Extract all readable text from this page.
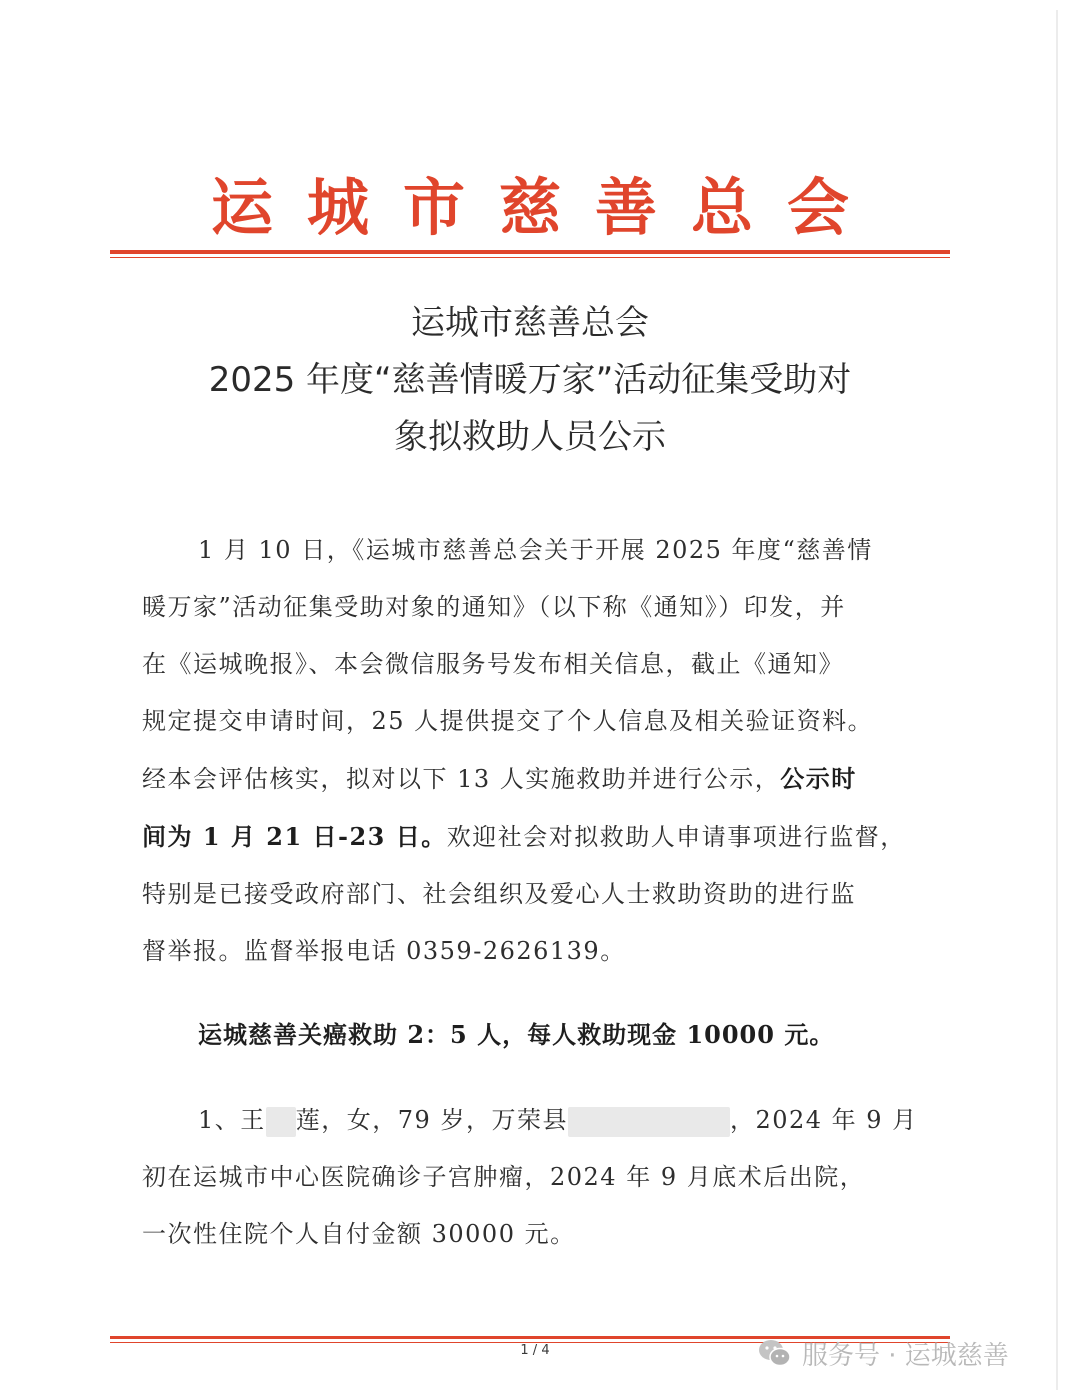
运城市慈善总会
运城市慈善总会
2025 年度“慈善情暖万家”活动征集受助对
象拟救助人员公示
1 月 10 日，《运城市慈善总会关于开展 2025 年度“慈善情
暖万家”活动征集受助对象的通知》（以下称《通知》）印发，并
在《运城晚报》、本会微信服务号发布相关信息，截止《通知》
规定提交申请时间，25 人提供提交了个人信息及相关验证资料。
经本会评估核实，拟对以下 13 人实施救助并进行公示，公示时
间为 1 月 21 日-23 日。欢迎社会对拟救助人申请事项进行监督，
特别是已接受政府部门、社会组织及爱心人士救助资助的进行监
督举报。监督举报电话 0359-2626139。
运城慈善关癌救助 2：5 人，每人救助现金 10000 元。
1、王 莲，女，79 岁，万荣县	，2024 年 9 月
初在运城市中心医院确诊子宫肿瘤，2024 年 9 月底术后出院，
一次性住院个人自付金额 30000 元。
1 / 4	服务号 · 运城慈善
